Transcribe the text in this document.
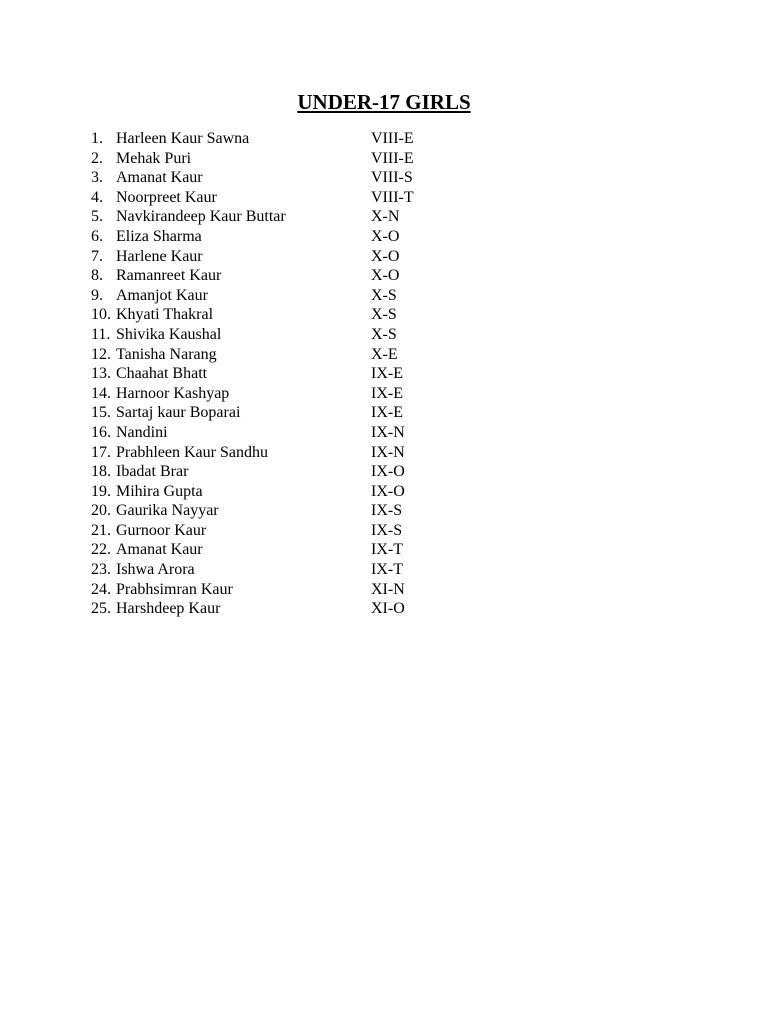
UNDER-17 GIRLS
1. Harleen Kaur Sawna	VIII-E
2. Mehak Puri	VIII-E
3. Amanat Kaur	VIII-S
4. Noorpreet Kaur	VIII-T
5. Navkirandeep Kaur Buttar	X-N
6. Eliza Sharma	X-O
7. Harlene Kaur	X-O
8. Ramanreet Kaur	X-O
9. Amanjot Kaur	X-S
10. Khyati Thakral	X-S
11. Shivika Kaushal	X-S
12. Tanisha Narang	X-E
13. Chaahat Bhatt	IX-E
14. Harnoor Kashyap	IX-E
15. Sartaj kaur Boparai	IX-E
16. Nandini	IX-N
17. Prabhleen Kaur Sandhu	IX-N
18. Ibadat Brar	IX-O
19. Mihira Gupta	IX-O
20. Gaurika Nayyar	IX-S
21. Gurnoor Kaur	IX-S
22. Amanat Kaur	IX-T
23. Ishwa Arora	IX-T
24. Prabhsimran Kaur	XI-N
25. Harshdeep Kaur	XI-O
